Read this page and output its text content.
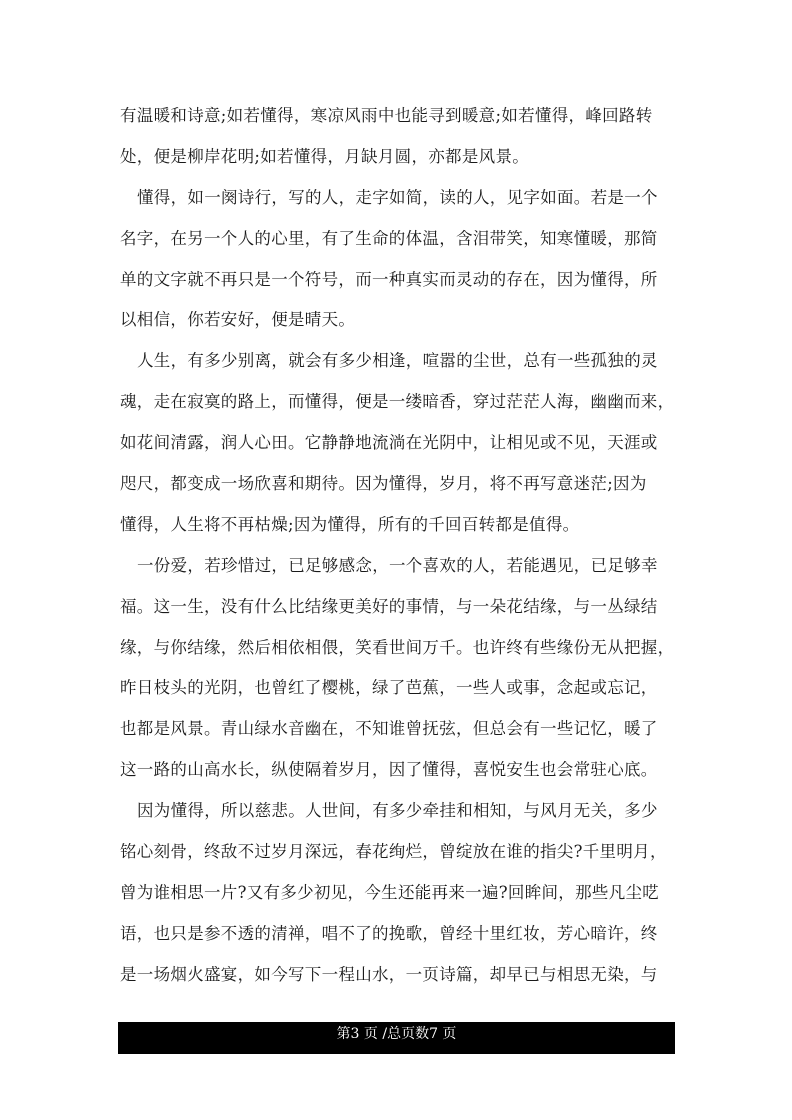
有温暖和诗意;如若懂得，寒凉风雨中也能寻到暖意;如若懂得，峰回路转
处，便是柳岸花明;如若懂得，月缺月圆，亦都是风景。
懂得，如一阕诗行，写的人，走字如简，读的人，见字如面。若是一个
名字，在另一个人的心里，有了生命的体温，含泪带笑，知寒懂暖，那简
单的文字就不再只是一个符号，而一种真实而灵动的存在，因为懂得，所
以相信，你若安好，便是晴天。
人生，有多少别离，就会有多少相逢，喧嚣的尘世，总有一些孤独的灵
魂，走在寂寞的路上，而懂得，便是一缕暗香，穿过茫茫人海，幽幽而来，
如花间清露，润人心田。它静静地流淌在光阴中，让相见或不见，天涯或
咫尺，都变成一场欣喜和期待。因为懂得，岁月，将不再写意迷茫;因为
懂得，人生将不再枯燥;因为懂得，所有的千回百转都是值得。
一份爱，若珍惜过，已足够感念，一个喜欢的人，若能遇见，已足够幸
福。这一生，没有什么比结缘更美好的事情，与一朵花结缘，与一丛绿结
缘，与你结缘，然后相依相偎，笑看世间万千。也许终有些缘份无从把握，
昨日枝头的光阴，也曾红了樱桃，绿了芭蕉，一些人或事，念起或忘记，
也都是风景。青山绿水音幽在，不知谁曾抚弦，但总会有一些记忆，暖了
这一路的山高水长，纵使隔着岁月，因了懂得，喜悦安生也会常驻心底。
因为懂得，所以慈悲。人世间，有多少牵挂和相知，与风月无关，多少
铭心刻骨，终敌不过岁月深远，春花绚烂，曾绽放在谁的指尖?千里明月，
曾为谁相思一片?又有多少初见，今生还能再来一遍?回眸间，那些凡尘呓
语，也只是参不透的清禅，唱不了的挽歌，曾经十里红妆，芳心暗许，终
是一场烟火盛宴，如今写下一程山水，一页诗篇，却早已与相思无染，与
第3 页 /总页数7 页
